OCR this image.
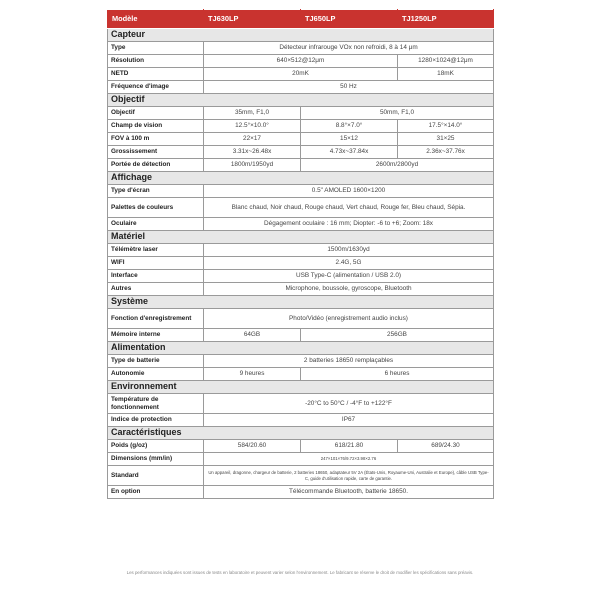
Modèle	TJ630LP	TJ650LP	TJ1250LP
Capteur			
Type	Détecteur infrarouge VOx non refroidi, 8 à 14 μm		
Résolution	640×512@12μm		1280×1024@12μm
NETD	20mK		18mK
Fréquence d'image	50 Hz		
Objectif			
Objectif	35mm, F1,0	50mm, F1,0	
Champ de vision	12.5°×10.0°	8.8°×7.0°	17.5°×14.0°
FOV à 100 m	22×17	15×12	31×25
Grossissement	3.31x~26.48x	4.73x~37.84x	2.36x~37.76x
Portée de détection	1800m/1950yd	2600m/2800yd	
Affichage			
Type d'écran	0.5" AMOLED 1600×1200		
Palettes de couleurs	Blanc chaud, Noir chaud, Rouge chaud, Vert chaud, Rouge fer, Bleu chaud, Sépia.		
Oculaire	Dégagement oculaire : 16 mm; Diopter: -6 to +6; Zoom: 18x		
Matériel			
Télémètre laser	1500m/1630yd		
WIFI	2.4G, 5G		
Interface	USB Type-C (alimentation / USB 2.0)		
Autres	Microphone, boussole, gyroscope, Bluetooth		
Système			
Fonction d'enregistrement	Photo/Vidéo (enregistrement audio inclus)		
Mémoire interne	64GB	256GB	
Alimentation			
Type de batterie	2 batteries 18650 remplaçables		
Autonomie	9 heures	6 heures	
Environnement			
Température de fonctionnement	-20°C to 50°C / -4°F to +122°F		
Indice de protection	IP67		
Caractéristiques			
Poids (g/oz)	584/20.60	618/21.80	689/24.30
Dimensions (mm/in)	247×101×76/9.72×3.98×2.76		
Standard	Un appareil, dragonne, chargeur de batterie, 2 batteries 18650, adaptateur 5V 2A (États-Unis, Royaume-Uni, Australie et Europe), câble USB Type-C, guide d'utilisation rapide, carte de garantie.		
En option	Télécommande Bluetooth, batterie 18650.		
Les performances indiquées sont issues de tests en laboratoire et peuvent varier selon l'environnement. Le fabricant se réserve le droit de modifier les spécifications sans préavis.
